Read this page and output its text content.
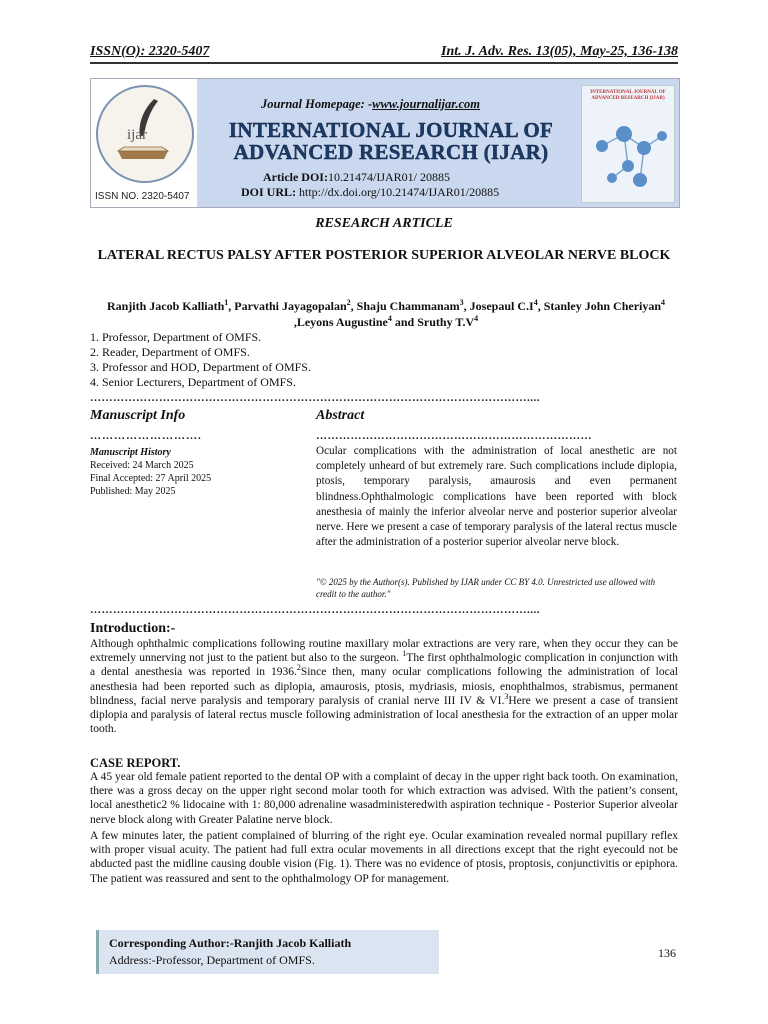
ISSN(O): 2320-5407	Int. J. Adv. Res. 13(05), May-25, 136-138
ijar
ISSN NO. 2320-5407
Journal Homepage: -www.journalijar.com
INTERNATIONAL JOURNAL OF
ADVANCED RESEARCH (IJAR)
Article DOI:10.21474/IJAR01/ 20885
DOI URL: http://dx.doi.org/10.21474/IJAR01/20885
INTERNATIONAL JOURNAL OF ADVANCED RESEARCH (IJAR)
RESEARCH ARTICLE
LATERAL RECTUS PALSY AFTER POSTERIOR SUPERIOR ALVEOLAR NERVE BLOCK
Ranjith Jacob Kalliath$^1$, Parvathi Jayagopalan$^2$, Shaju Chammanam$^3$, Josepaul $C.I^4$, Stanley John Cheriyan$^4$
,Leyons Augustine$^4$ and Sruthy $T.V^4$
1. Professor, Department of OMFS.
2. Reader, Department of OMFS.
3. Professor and HOD, Department of OMFS.
4. Senior Lecturers, Department of OMFS.
……………………………………………………………………………………………………....
Manuscript Info	Abstract
……………………….	………………………………………………………………
Manuscript History
Received: 24 March 2025
Final Accepted: 27 April 2025
Published: May 2025
Ocular complications with the administration of local anesthetic are not completely unheard of but extremely rare. Such complications include diplopia, ptosis, temporary paralysis, amaurosis and even permanent blindness.Ophthalmologic complications have been reported with block anesthesia of mainly the inferior alveolar nerve and posterior superior alveolar nerve. Here we present a case of temporary paralysis of the lateral rectus muscle after the administration of a posterior superior alveolar nerve block.
"© 2025 by the Author(s). Published by IJAR under CC BY 4.0. Unrestricted use allowed with credit to the author."
……………………………………………………………………………………………………....
Introduction:-
Although ophthalmic complications following routine maxillary molar extractions are very rare, when they occur they can be extremely unnerving not just to the patient but also to the surgeon. $^1$The first ophthalmologic complication in conjunction with a dental anesthesia was reported in 1936.$^2$Since then, many ocular complications following the administration of local anesthesia had been reported such as diplopia, amaurosis, ptosis, mydriasis, miosis, enophthalmos, strabismus, permanent blindness, facial nerve paralysis and temporary paralysis of cranial nerve III IV & VI.$^3$Here we present a case of transient diplopia and paralysis of lateral rectus muscle following administration of local anesthesia for the extraction of an upper molar tooth.
CASE REPORT.
A 45 year old female patient reported to the dental OP with a complaint of decay in the upper right back tooth. On examination, there was a gross decay on the upper right second molar tooth for which extraction was advised. With the patient’s consent, local anesthetic2 % lidocaine with 1: 80,000 adrenaline wasadministeredwith aspiration technique - Posterior Superior alveolar nerve block along with Greater Palatine nerve block.
A few minutes later, the patient complained of blurring of the right eye. Ocular examination revealed normal pupillary reflex with proper visual acuity. The patient had full extra ocular movements in all directions except that the right eyecould not be abducted past the midline causing double vision (Fig. 1). There was no evidence of ptosis, proptosis, conjunctivitis or epiphora. The patient was reassured and sent to the ophthalmology OP for management.
Corresponding Author:-Ranjith Jacob Kalliath
Address:-Professor, Department of OMFS.	136
